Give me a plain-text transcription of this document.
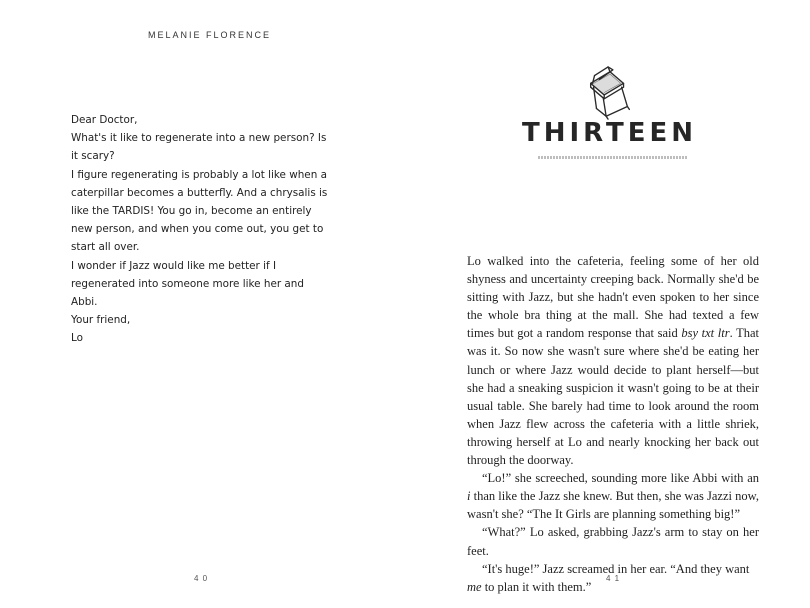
MELANIE FLORENCE

Dear Doctor,

What's it like to regenerate into a new person? Is it scary?

I figure regenerating is probably a lot like when a caterpillar becomes a butterfly. And a chrysalis is like the TARDIS! You go in, become an entirely new person, and when you come out, you get to start all over.

I wonder if Jazz would like me better if I regenerated into someone more like her and Abbi.

Your friend,

Lo

4 0
THIRTEEN

Lo walked into the cafeteria, feeling some of her old shyness and uncertainty creeping back. Normally she'd be sitting with Jazz, but she hadn't even spoken to her since the whole bra thing at the mall. She had texted a few times but got a random response that said bsy txt ltr. That was it. So now she wasn't sure where she'd be eating her lunch or where Jazz would decide to plant herself—but she had a sneaking suspicion it wasn't going to be at their usual table. She barely had time to look around the room when Jazz flew across the cafeteria with a little shriek, throwing herself at Lo and nearly knocking her back out through the doorway.

“Lo!” she screeched, sounding more like Abbi with an i than like the Jazz she knew. But then, she was Jazzi now, wasn't she? “The It Girls are planning something big!”

“What?” Lo asked, grabbing Jazz's arm to stay on her feet.

“It's huge!” Jazz screamed in her ear. “And they want me to plan it with them.”

4 1
